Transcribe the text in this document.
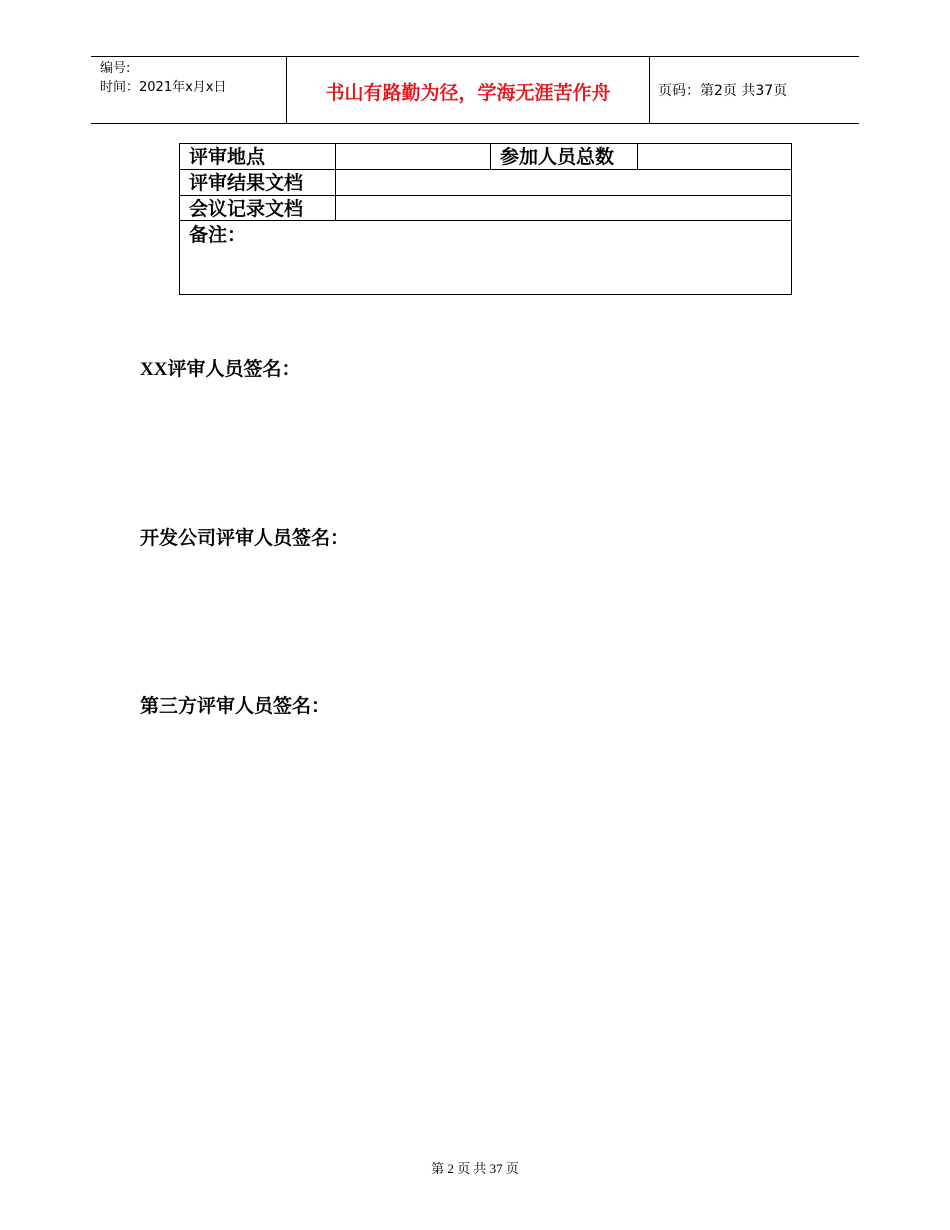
编号:
时间：2021年x月x日	书山有路勤为径，学海无涯苦作舟	页码：第2页 共37页
评审地点	参加人员总数
评审结果文档
会议记录文档
备注：
XX评审人员签名：
开发公司评审人员签名：
第三方评审人员签名：
第 2 页 共 37 页
